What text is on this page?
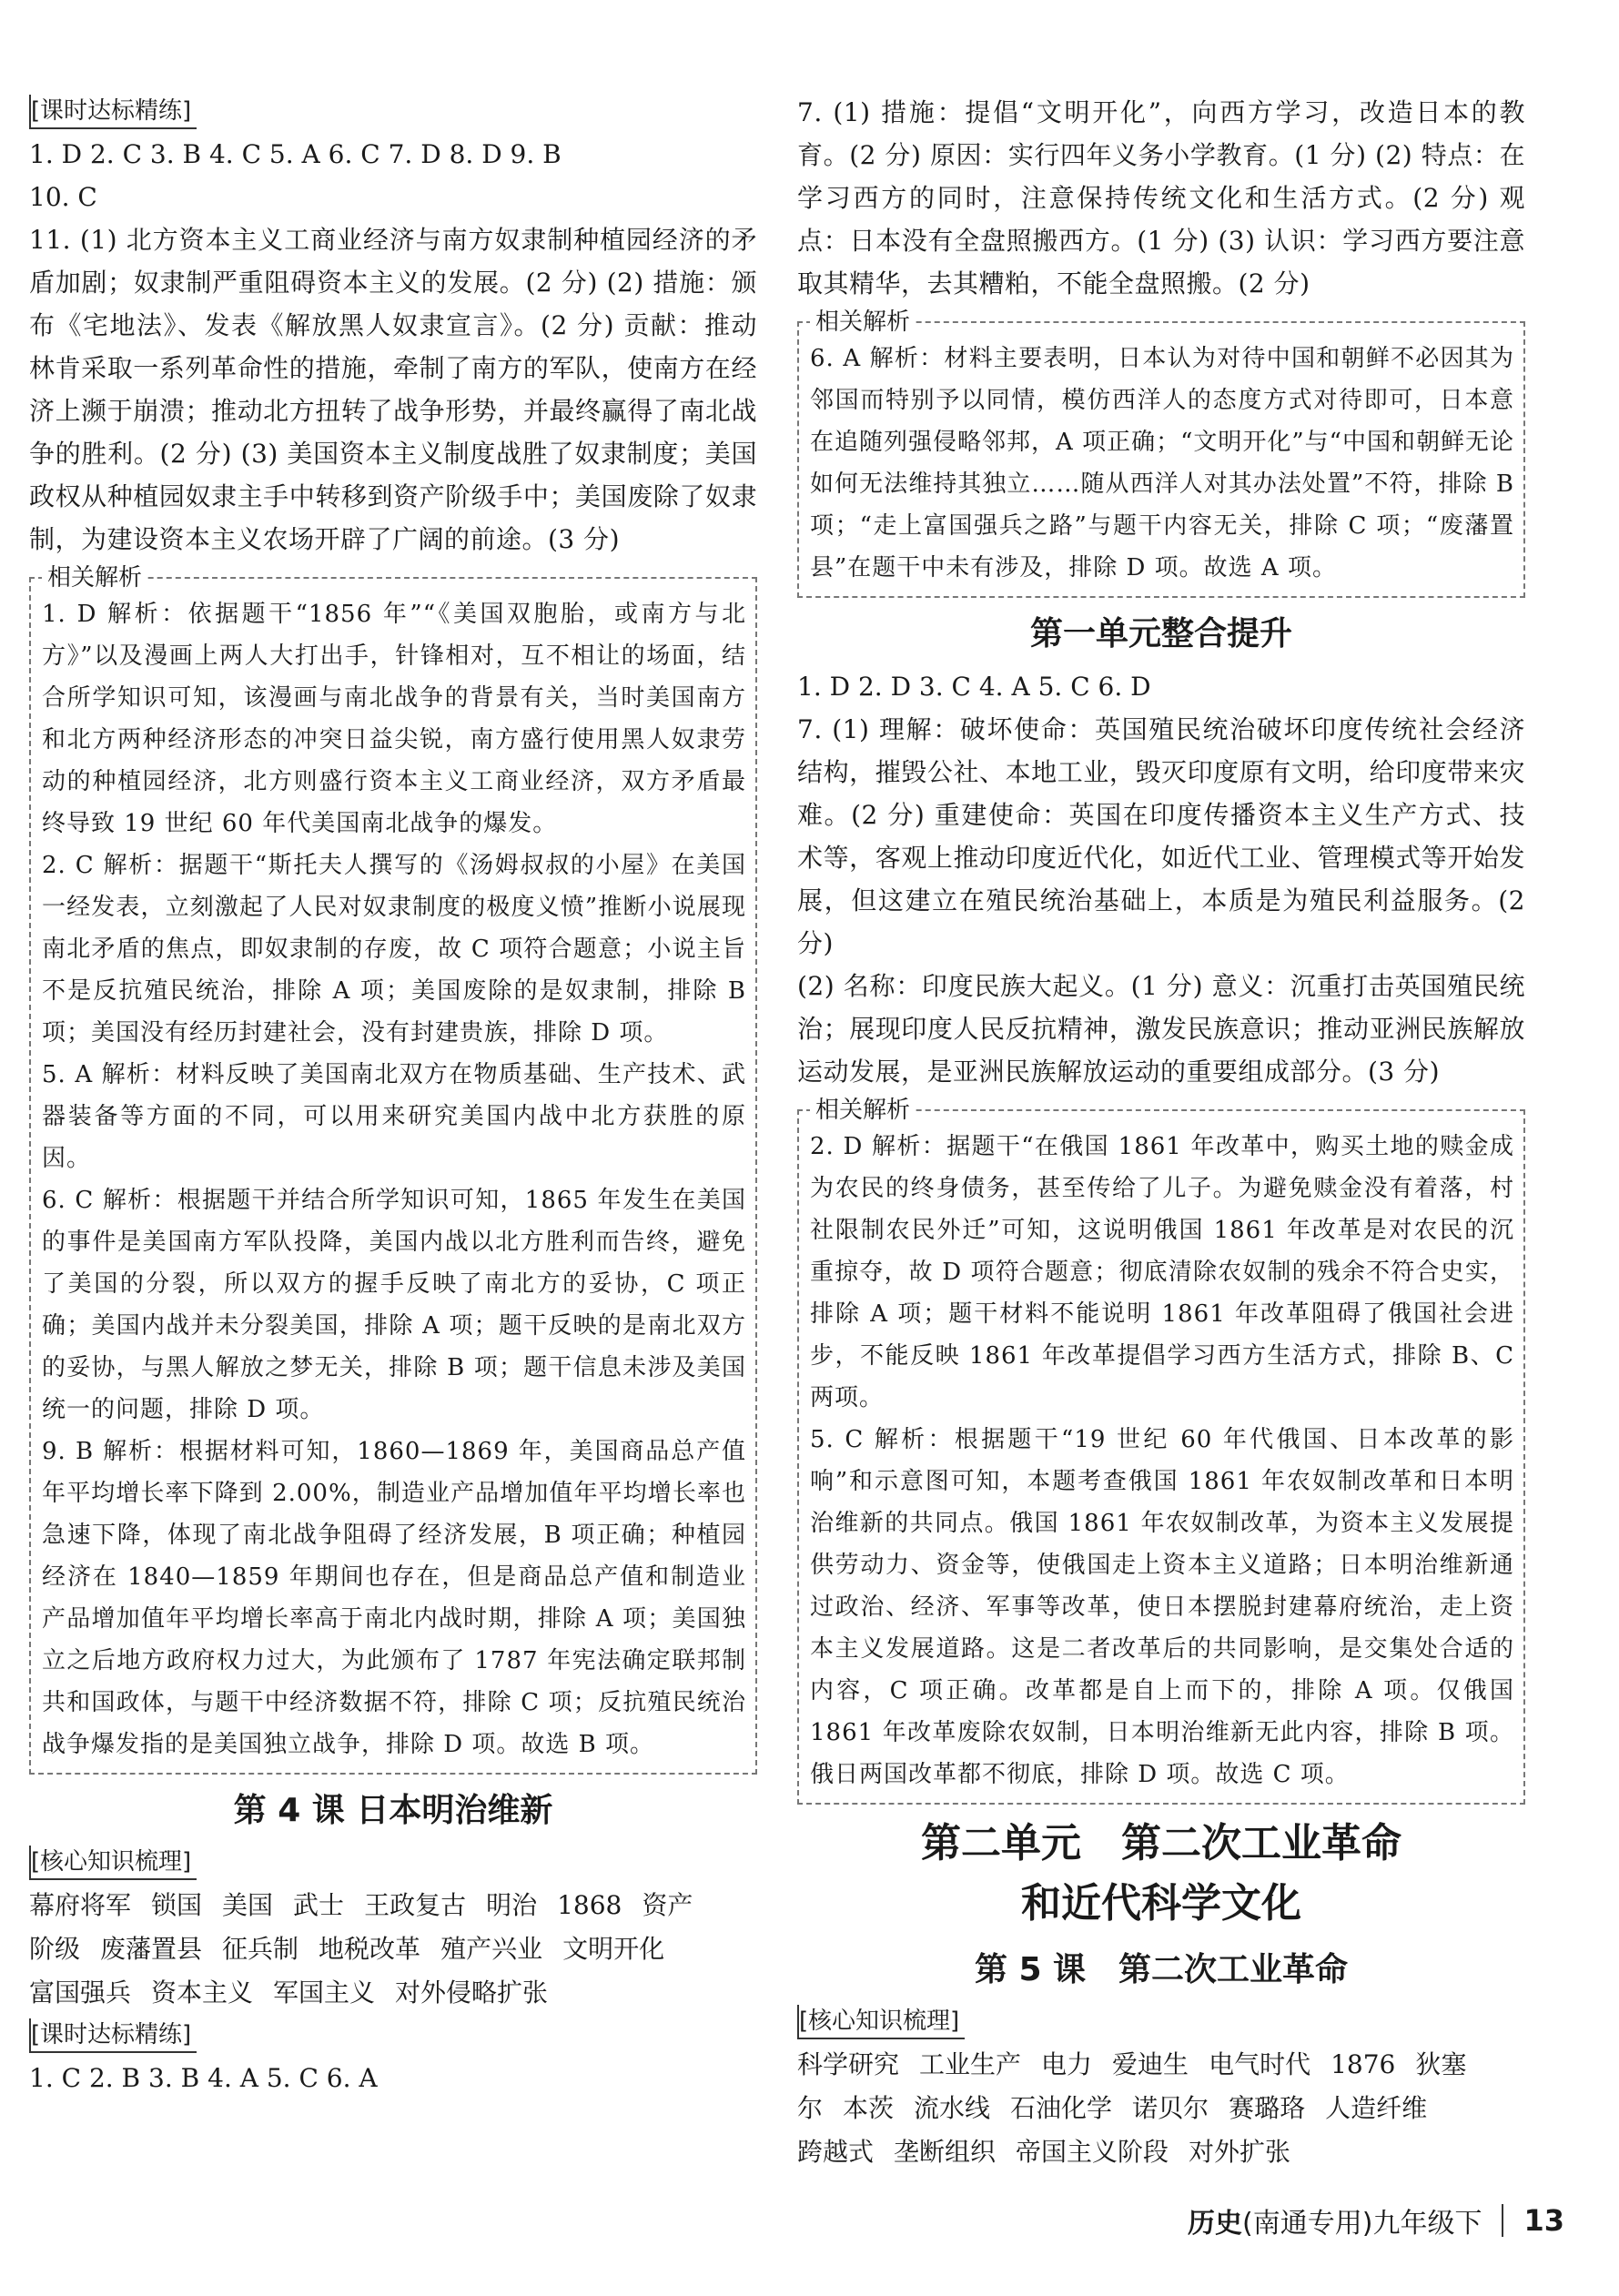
[ 课时达标精练 ]

1. D 2. C 3. B 4. C 5. A 6. C 7. D 8. D 9. B

10. C

11. (1) 北方资本主义工商业经济与南方奴隶制种植园经济的矛盾加剧；奴隶制严重阻碍资本主义的发展。(2 分) (2) 措施：颁布《宅地法》、发表《解放黑人奴隶宣言》。(2 分) 贡献：推动林肯采取一系列革命性的措施，牵制了南方的军队，使南方在经济上濒于崩溃；推动北方扭转了战争形势，并最终赢得了南北战争的胜利。(2 分) (3) 美国资本主义制度战胜了奴隶制度；美国政权从种植园奴隶主手中转移到资产阶级手中；美国废除了奴隶制，为建设资本主义农场开辟了广阔的前途。(3 分)

相关解析

1. D 解析：依据题干“1856 年”“《美国双胞胎，或南方与北方》”以及漫画上两人大打出手，针锋相对，互不相让的场面，结合所学知识可知，该漫画与南北战争的背景有关，当时美国南方和北方两种经济形态的冲突日益尖锐，南方盛行使用黑人奴隶劳动的种植园经济，北方则盛行资本主义工商业经济，双方矛盾最终导致 19 世纪 60 年代美国南北战争的爆发。

2. C 解析：据题干“斯托夫人撰写的《汤姆叔叔的小屋》在美国一经发表，立刻激起了人民对奴隶制度的极度义愤”推断小说展现南北矛盾的焦点，即奴隶制的存废，故 C 项符合题意；小说主旨不是反抗殖民统治，排除 A 项；美国废除的是奴隶制，排除 B 项；美国没有经历封建社会，没有封建贵族，排除 D 项。

5. A 解析：材料反映了美国南北双方在物质基础、生产技术、武器装备等方面的不同，可以用来研究美国内战中北方获胜的原因。

6. C 解析：根据题干并结合所学知识可知，1865 年发生在美国的事件是美国南方军队投降，美国内战以北方胜利而告终，避免了美国的分裂，所以双方的握手反映了南北方的妥协，C 项正确；美国内战并未分裂美国，排除 A 项；题干反映的是南北双方的妥协，与黑人解放之梦无关，排除 B 项；题干信息未涉及美国统一的问题，排除 D 项。

9. B 解析：根据材料可知，1860—1869 年，美国商品总产值年平均增长率下降到 2.00%，制造业产品增加值年平均增长率也急速下降，体现了南北战争阻碍了经济发展，B 项正确；种植园经济在 1840—1859 年期间也存在，但是商品总产值和制造业产品增加值年平均增长率高于南北内战时期，排除 A 项；美国独立之后地方政府权力过大，为此颁布了 1787 年宪法确定联邦制共和国政体，与题干中经济数据不符，排除 C 项；反抗殖民统治战争爆发指的是美国独立战争，排除 D 项。故选 B 项。

第 4 课 日本明治维新
[ 核心知识梳理 ]

幕府将军 锁国 美国 武士 王政复古 明治 1868 资产

阶级 废藩置县 征兵制 地税改革 殖产兴业 文明开化

富国强兵 资本主义 军国主义 对外侵略扩张

[ 课时达标精练 ]

1. C 2. B 3. B 4. A 5. C 6. A

7. (1) 措施：提倡“文明开化”，向西方学习，改造日本的教育。(2 分) 原因：实行四年义务小学教育。(1 分) (2) 特点：在学习西方的同时，注意保持传统文化和生活方式。(2 分) 观点：日本没有全盘照搬西方。(1 分) (3) 认识：学习西方要注意取其精华，去其糟粕，不能全盘照搬。(2 分)

相关解析

6. A 解析：材料主要表明，日本认为对待中国和朝鲜不必因其为邻国而特别予以同情，模仿西洋人的态度方式对待即可，日本意在追随列强侵略邻邦，A 项正确；“文明开化”与“中国和朝鲜无论如何无法维持其独立……随从西洋人对其办法处置”不符，排除 B 项；“走上富国强兵之路”与题干内容无关，排除 C 项；“废藩置县”在题干中未有涉及，排除 D 项。故选 A 项。

第一单元整合提升

1. D 2. D 3. C 4. A 5. C 6. D

7. (1) 理解：破坏使命：英国殖民统治破坏印度传统社会经济结构，摧毁公社、本地工业，毁灭印度原有文明，给印度带来灾难。(2 分) 重建使命：英国在印度传播资本主义生产方式、技术等，客观上推动印度近代化，如近代工业、管理模式等开始发展，但这建立在殖民统治基础上，本质是为殖民利益服务。(2 分)

(2) 名称：印度民族大起义。(1 分) 意义：沉重打击英国殖民统治；展现印度人民反抗精神，激发民族意识；推动亚洲民族解放运动发展，是亚洲民族解放运动的重要组成部分。(3 分)

相关解析

2. D 解析：据题干“在俄国 1861 年改革中，购买土地的赎金成为农民的终身债务，甚至传给了儿子。为避免赎金没有着落，村社限制农民外迁”可知，这说明俄国 1861 年改革是对农民的沉重掠夺，故 D 项符合题意；彻底清除农奴制的残余不符合史实，排除 A 项；题干材料不能说明 1861 年改革阻碍了俄国社会进步，不能反映 1861 年改革提倡学习西方生活方式，排除 B、C 两项。

5. C 解析：根据题干“19 世纪 60 年代俄国、日本改革的影响”和示意图可知，本题考查俄国 1861 年农奴制改革和日本明治维新的共同点。俄国 1861 年农奴制改革，为资本主义发展提供劳动力、资金等，使俄国走上资本主义道路；日本明治维新通过政治、经济、军事等改革，使日本摆脱封建幕府统治，走上资本主义发展道路。这是二者改革后的共同影响，是交集处合适的内容，C 项正确。改革都是自上而下的，排除 A 项。仅俄国 1861 年改革废除农奴制，日本明治维新无此内容，排除 B 项。俄日两国改革都不彻底，排除 D 项。故选 C 项。

第二单元　第二次工业革命
和近代科学文化
第 5 课　第二次工业革命
[ 核心知识梳理 ]

科学研究 工业生产 电力 爱迪生 电气时代 1876 狄塞

尔 本茨 流水线 石油化学 诺贝尔 赛璐珞 人造纤维

跨越式 垄断组织 帝国主义阶段 对外扩张

历史(南通专用)九年级下 13
